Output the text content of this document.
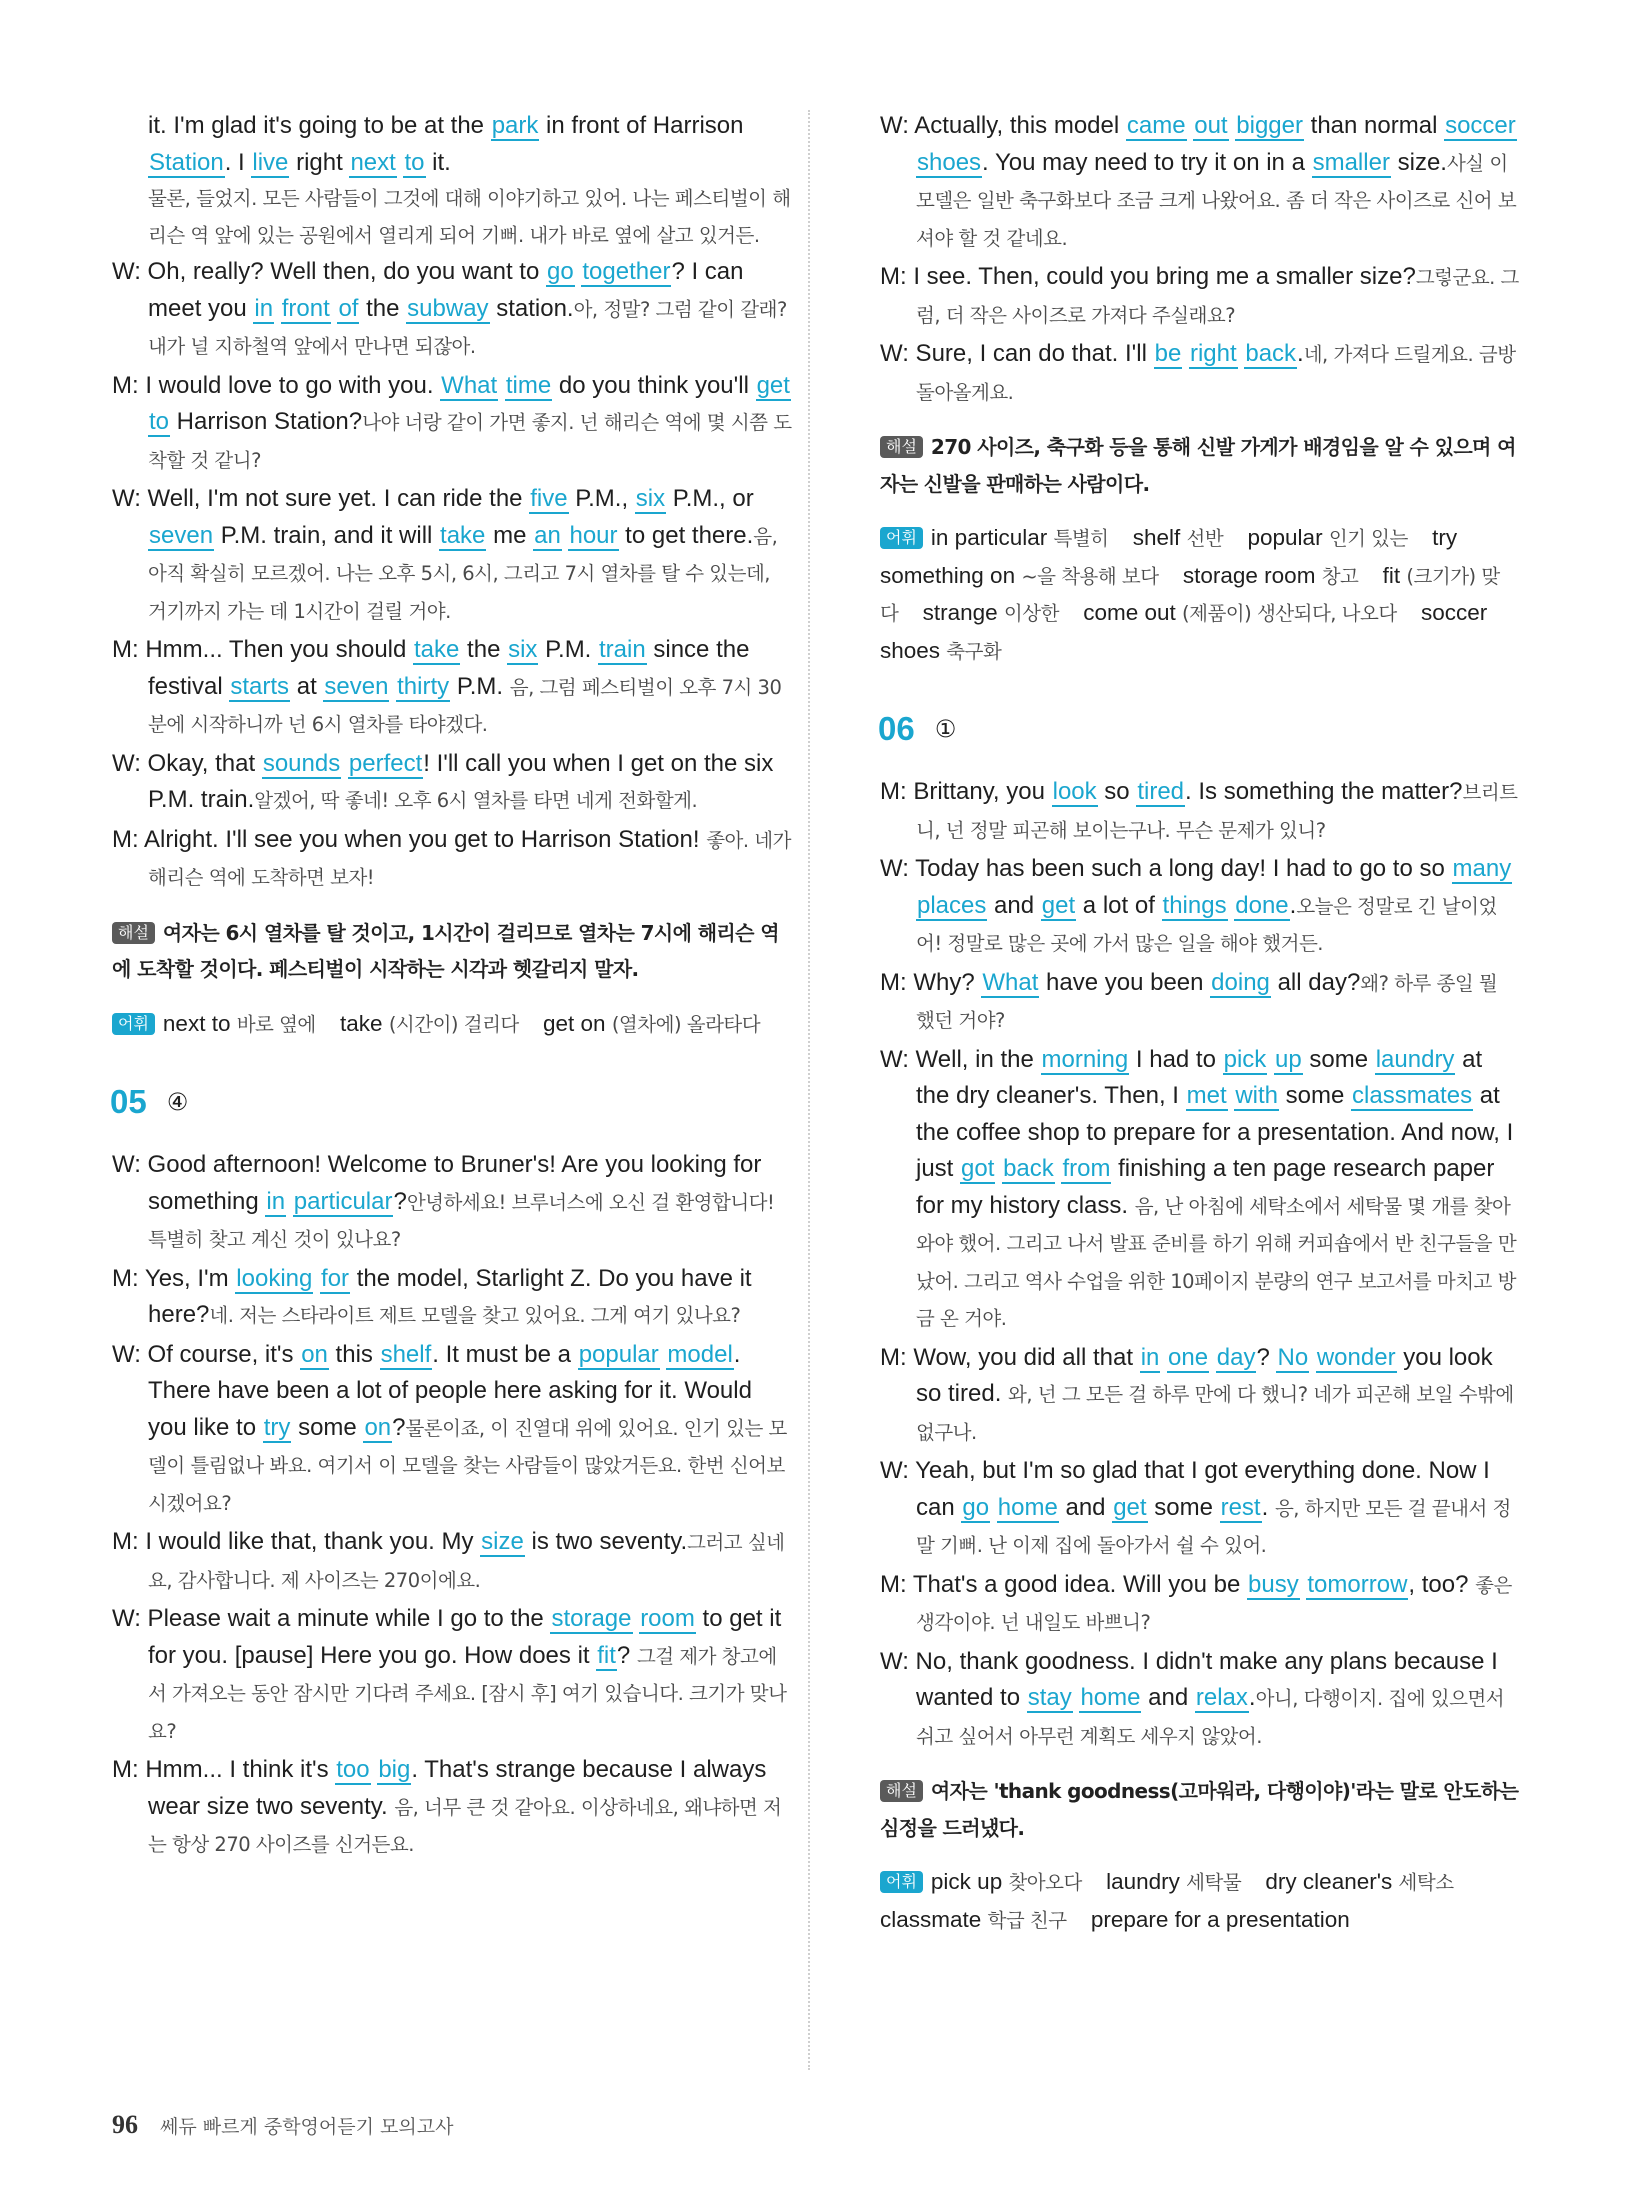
it. I'm glad it's going to be at the park in front of Harrison Station. I live right next to it.
물론, 들었지. 모든 사람들이 그것에 대해 이야기하고 있어. 나는 페스티벌이 해리슨 역 앞에 있는 공원에서 열리게 되어 기뻐. 내가 바로 옆에 살고 있거든.
W: Oh, really? Well then, do you want to go together? I can meet you in front of the subway station.아, 정말? 그럼 같이 갈래? 내가 널 지하철역 앞에서 만나면 되잖아.
M: I would love to go with you. What time do you think you'll get to Harrison Station?나야 너랑 같이 가면 좋지. 넌 해리슨 역에 몇 시쯤 도착할 것 같니?
W: Well, I'm not sure yet. I can ride the five P.M., six P.M., or seven P.M. train, and it will take me an hour to get there.음, 아직 확실히 모르겠어. 나는 오후 5시, 6시, 그리고 7시 열차를 탈 수 있는데, 거기까지 가는 데 1시간이 걸릴 거야.
M: Hmm... Then you should take the six P.M. train since the festival starts at seven thirty P.M. 음, 그럼 페스티벌이 오후 7시 30분에 시작하니까 넌 6시 열차를 타야겠다.
W: Okay, that sounds perfect! I'll call you when I get on the six P.M. train.알겠어, 딱 좋네! 오후 6시 열차를 타면 네게 전화할게.
M: Alright. I'll see you when you get to Harrison Station! 좋아. 네가 해리슨 역에 도착하면 보자!
해설 여자는 6시 열차를 탈 것이고, 1시간이 걸리므로 열차는 7시에 해리슨 역에 도착할 것이다. 페스티벌이 시작하는 시각과 헷갈리지 말자.
어휘 next to 바로 옆에 take (시간이) 걸리다 get on (열차에) 올라타다
05 ④
W: Good afternoon! Welcome to Bruner's! Are you looking for something in particular?안녕하세요! 브루너스에 오신 걸 환영합니다! 특별히 찾고 계신 것이 있나요?
M: Yes, I'm looking for the model, Starlight Z. Do you have it here?네. 저는 스타라이트 제트 모델을 찾고 있어요. 그게 여기 있나요?
W: Of course, it's on this shelf. It must be a popular model. There have been a lot of people here asking for it. Would you like to try some on?물론이죠, 이 진열대 위에 있어요. 인기 있는 모델이 틀림없나 봐요. 여기서 이 모델을 찾는 사람들이 많았거든요. 한번 신어보시겠어요?
M: I would like that, thank you. My size is two seventy.그러고 싶네요, 감사합니다. 제 사이즈는 270이에요.
W: Please wait a minute while I go to the storage room to get it for you. [pause] Here you go. How does it fit? 그걸 제가 창고에서 가져오는 동안 잠시만 기다려 주세요. [잠시 후] 여기 있습니다. 크기가 맞나요?
M: Hmm... I think it's too big. That's strange because I always wear size two seventy. 음, 너무 큰 것 같아요. 이상하네요, 왜냐하면 저는 항상 270 사이즈를 신거든요.
W: Actually, this model came out bigger than normal soccer shoes. You may need to try it on in a smaller size.사실 이 모델은 일반 축구화보다 조금 크게 나왔어요. 좀 더 작은 사이즈로 신어 보셔야 할 것 같네요.
M: I see. Then, could you bring me a smaller size?그렇군요. 그럼, 더 작은 사이즈로 가져다 주실래요?
W: Sure, I can do that. I'll be right back.네, 가져다 드릴게요. 금방 돌아올게요.
해설 270 사이즈, 축구화 등을 통해 신발 가게가 배경임을 알 수 있으며 여자는 신발을 판매하는 사람이다.
어휘 in particular 특별히 shelf 선반 popular 인기 있는 try something on ~을 착용해 보다 storage room 창고 fit (크기가) 맞다 strange 이상한 come out (제품이) 생산되다, 나오다 soccer shoes 축구화
06 ①
M: Brittany, you look so tired. Is something the matter?브리트니, 넌 정말 피곤해 보이는구나. 무슨 문제가 있니?
W: Today has been such a long day! I had to go to so many places and get a lot of things done.오늘은 정말로 긴 날이었어! 정말로 많은 곳에 가서 많은 일을 해야 했거든.
M: Why? What have you been doing all day?왜? 하루 종일 뭘 했던 거야?
W: Well, in the morning I had to pick up some laundry at the dry cleaner's. Then, I met with some classmates at the coffee shop to prepare for a presentation. And now, I just got back from finishing a ten page research paper for my history class. 음, 난 아침에 세탁소에서 세탁물 몇 개를 찾아와야 했어. 그리고 나서 발표 준비를 하기 위해 커피숍에서 반 친구들을 만났어. 그리고 역사 수업을 위한 10페이지 분량의 연구 보고서를 마치고 방금 온 거야.
M: Wow, you did all that in one day? No wonder you look so tired. 와, 넌 그 모든 걸 하루 만에 다 했니? 네가 피곤해 보일 수밖에 없구나.
W: Yeah, but I'm so glad that I got everything done. Now I can go home and get some rest. 응, 하지만 모든 걸 끝내서 정말 기뻐. 난 이제 집에 돌아가서 쉴 수 있어.
M: That's a good idea. Will you be busy tomorrow, too? 좋은 생각이야. 넌 내일도 바쁘니?
W: No, thank goodness. I didn't make any plans because I wanted to stay home and relax.아니, 다행이지. 집에 있으면서 쉬고 싶어서 아무런 계획도 세우지 않았어.
해설 여자는 'thank goodness(고마워라, 다행이야)'라는 말로 안도하는 심정을 드러냈다.
어휘 pick up 찾아오다 laundry 세탁물 dry cleaner's 세탁소 classmate 학급 친구 prepare for a presentation
96 쎄듀 빠르게 중학영어듣기 모의고사
